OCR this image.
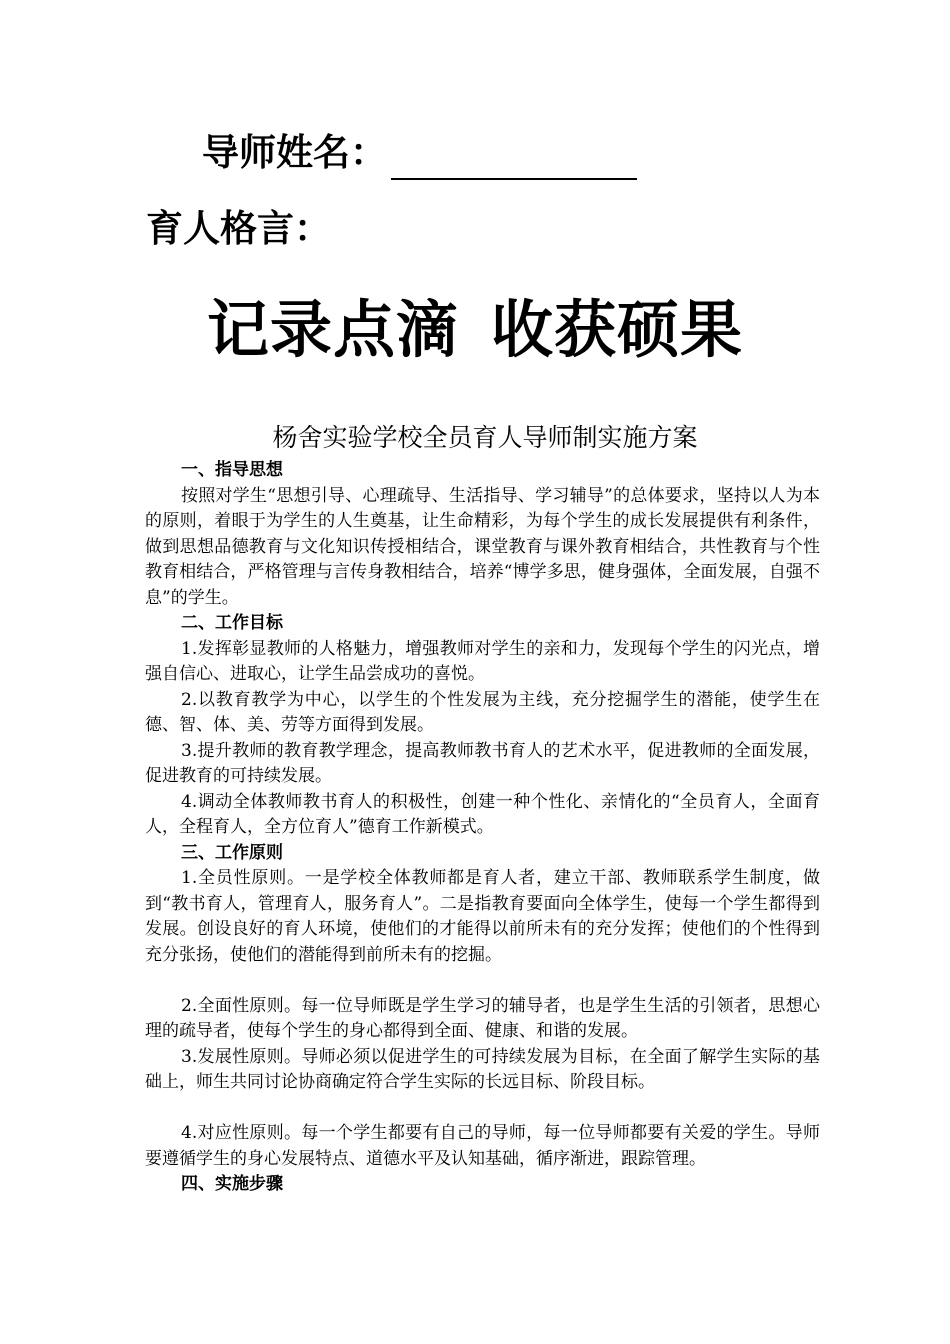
导师姓名：
育人格言：
记录点滴 收获硕果
杨舍实验学校全员育人导师制实施方案

一、指导思想

按照对学生“思想引导、心理疏导、生活指导、学习辅导”的总体要求，坚持以人为本的原则，着眼于为学生的人生奠基，让生命精彩，为每个学生的成长发展提供有利条件，做到思想品德教育与文化知识传授相结合，课堂教育与课外教育相结合，共性教育与个性教育相结合，严格管理与言传身教相结合，培养“博学多思，健身强体，全面发展，自强不息”的学生。

二、工作目标

1.发挥彰显教师的人格魅力，增强教师对学生的亲和力，发现每个学生的闪光点，增强自信心、进取心，让学生品尝成功的喜悦。

2.以教育教学为中心，以学生的个性发展为主线，充分挖掘学生的潜能，使学生在德、智、体、美、劳等方面得到发展。

3.提升教师的教育教学理念，提高教师教书育人的艺术水平，促进教师的全面发展，促进教育的可持续发展。

4.调动全体教师教书育人的积极性，创建一种个性化、亲情化的“全员育人，全面育人，全程育人，全方位育人”德育工作新模式。

三、工作原则

1.全员性原则。一是学校全体教师都是育人者，建立干部、教师联系学生制度，做到“教书育人，管理育人，服务育人”。二是指教育要面向全体学生，使每一个学生都得到发展。创设良好的育人环境，使他们的才能得以前所未有的充分发挥；使他们的个性得到充分张扬，使他们的潜能得到前所未有的挖掘。

2.全面性原则。每一位导师既是学生学习的辅导者，也是学生生活的引领者，思想心理的疏导者，使每个学生的身心都得到全面、健康、和谐的发展。

3.发展性原则。导师必须以促进学生的可持续发展为目标，在全面了解学生实际的基础上，师生共同讨论协商确定符合学生实际的长远目标、阶段目标。

4.对应性原则。每一个学生都要有自己的导师，每一位导师都要有关爱的学生。导师要遵循学生的身心发展特点、道德水平及认知基础，循序渐进，跟踪管理。

四、实施步骤
